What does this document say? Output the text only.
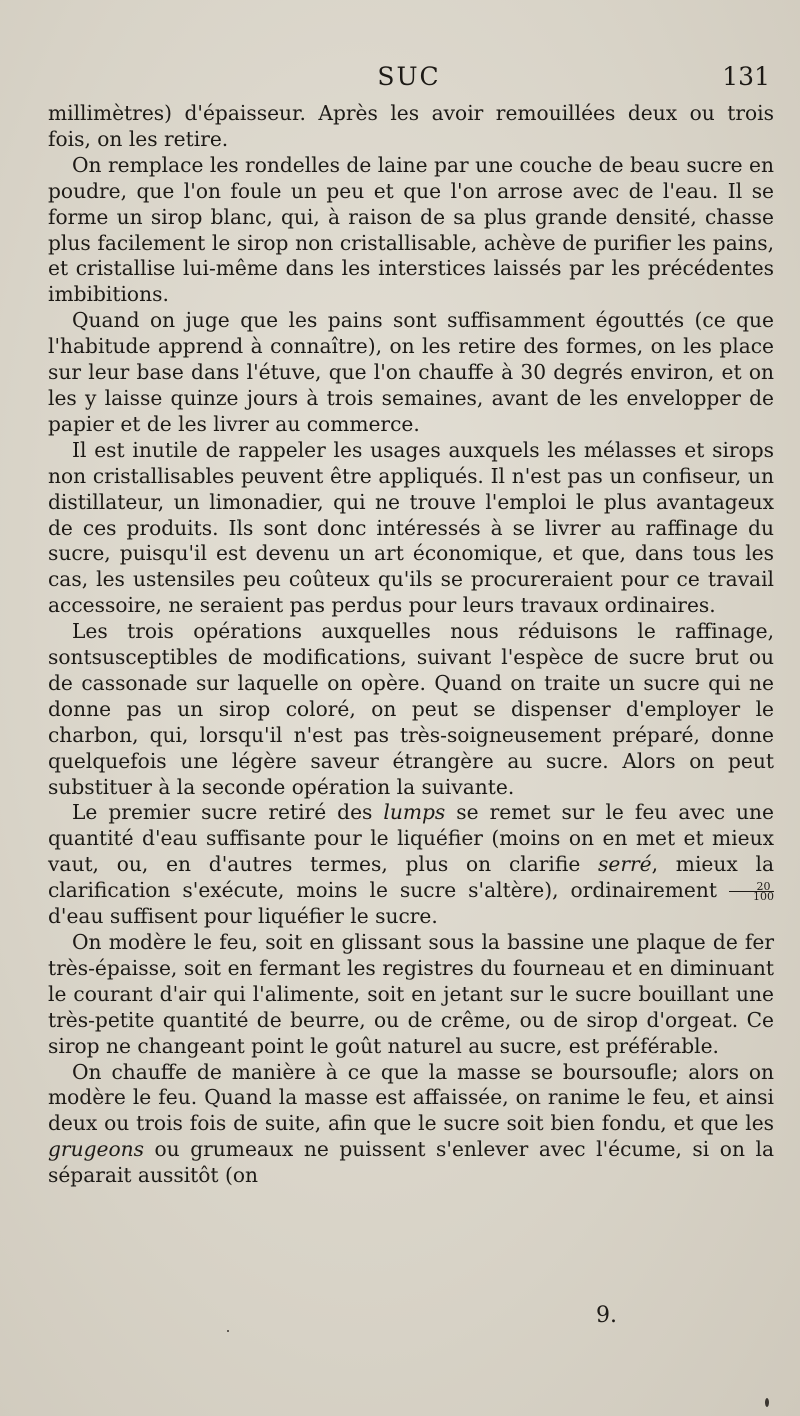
SUC	131

millimètres) d'épaisseur. Après les avoir remouillées deux ou trois fois, on les retire.

On remplace les rondelles de laine par une couche de beau sucre en poudre, que l'on foule un peu et que l'on arrose avec de l'eau. Il se forme un sirop blanc, qui, à raison de sa plus grande densité, chasse plus facilement le sirop non cristallisable, achève de purifier les pains, et cristallise lui-même dans les interstices laissés par les précédentes imbibitions.

Quand on juge que les pains sont suffisamment égouttés (ce que l'habitude apprend à connaître), on les retire des formes, on les place sur leur base dans l'étuve, que l'on chauffe à 30 degrés environ, et on les y laisse quinze jours à trois semaines, avant de les envelopper de papier et de les livrer au commerce.

Il est inutile de rappeler les usages auxquels les mélasses et sirops non cristallisables peuvent être appliqués. Il n'est pas un confiseur, un distillateur, un limonadier, qui ne trouve l'emploi le plus avantageux de ces produits. Ils sont donc intéressés à se livrer au raffinage du sucre, puisqu'il est devenu un art économique, et que, dans tous les cas, les ustensiles peu coûteux qu'ils se procureraient pour ce travail accessoire, ne seraient pas perdus pour leurs travaux ordinaires.

Les trois opérations auxquelles nous réduisons le raffinage, sontsusceptibles de modifications, suivant l'espèce de sucre brut ou de cassonade sur laquelle on opère. Quand on traite un sucre qui ne donne pas un sirop coloré, on peut se dispenser d'employer le charbon, qui, lorsqu'il n'est pas très-soigneusement préparé, donne quelquefois une légère saveur étrangère au sucre. Alors on peut substituer à la seconde opération la suivante.

Le premier sucre retiré des lumps se remet sur le feu avec une quantité d'eau suffisante pour le liquéfier (moins on en met et mieux vaut, ou, en d'autres termes, plus on clarifie serré, mieux la clarification s'exécute, moins le sucre s'altère), ordinairement $\frac{20}{100}$
d'eau suffisent pour liquéfier le sucre.

On modère le feu, soit en glissant sous la bassine une plaque de fer très-épaisse, soit en fermant les registres du fourneau et en diminuant le courant d'air qui l'alimente, soit en jetant sur le sucre bouillant une très-petite quantité de beurre, ou de crême, ou de sirop d'orgeat. Ce sirop ne changeant point le goût naturel au sucre, est préférable.

On chauffe de manière à ce que la masse se boursoufle; alors on modère le feu. Quand la masse est affaissée, on ranime le feu, et ainsi deux ou trois fois de suite, afin que le sucre soit bien fondu, et que les grugeons ou grumeaux ne puissent s'enlever avec l'écume, si on la séparait aussitôt (on

9.
